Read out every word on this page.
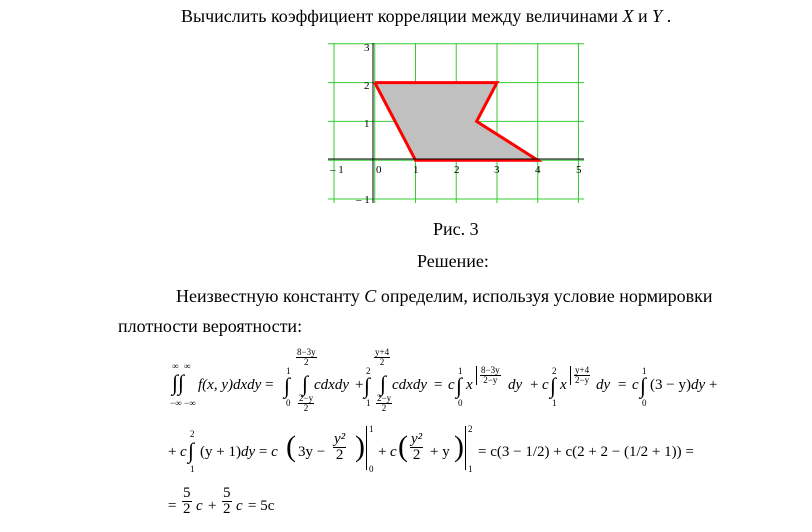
Вычислить коэффициент корреляции между величинами X и Y .
– 1	0	1	2	3	4	5
3
2
1
– 1
Рис. 3
Решение:
Неизвестную константу C определим, используя условие нормировки
плотности вероятности:
∞ ∞
∫∫
−∞ −∞
f(x, y)dxdy =
1
∫
0
$\frac{8-3y}{2}$
∫
$\frac{2-y}{2}$
cdxdy +
2
∫
1
$\frac{y+4}{2}$
∫
$\frac{2-y}{2}$
cdxdy = c
1
∫
0
x $\frac{8-3y}{2-y}$ dy + c
2
∫
1
x $\frac{y+4}{2-y}$ dy = c
1
∫
0
(3 − y)dy +
+ c
2
∫
1
(y + 1)dy = c ( $3y - \frac{\text{y²}}{2}$ )
1
0
+ c ( $\frac{\text{y²}}{2} + y$ )
2
1
= c(3 − 1/2) + c(2 + 2 − (1/2 + 1)) =
= $\frac{5}{2}$ $c + \frac{5}{2}$ c = 5c
